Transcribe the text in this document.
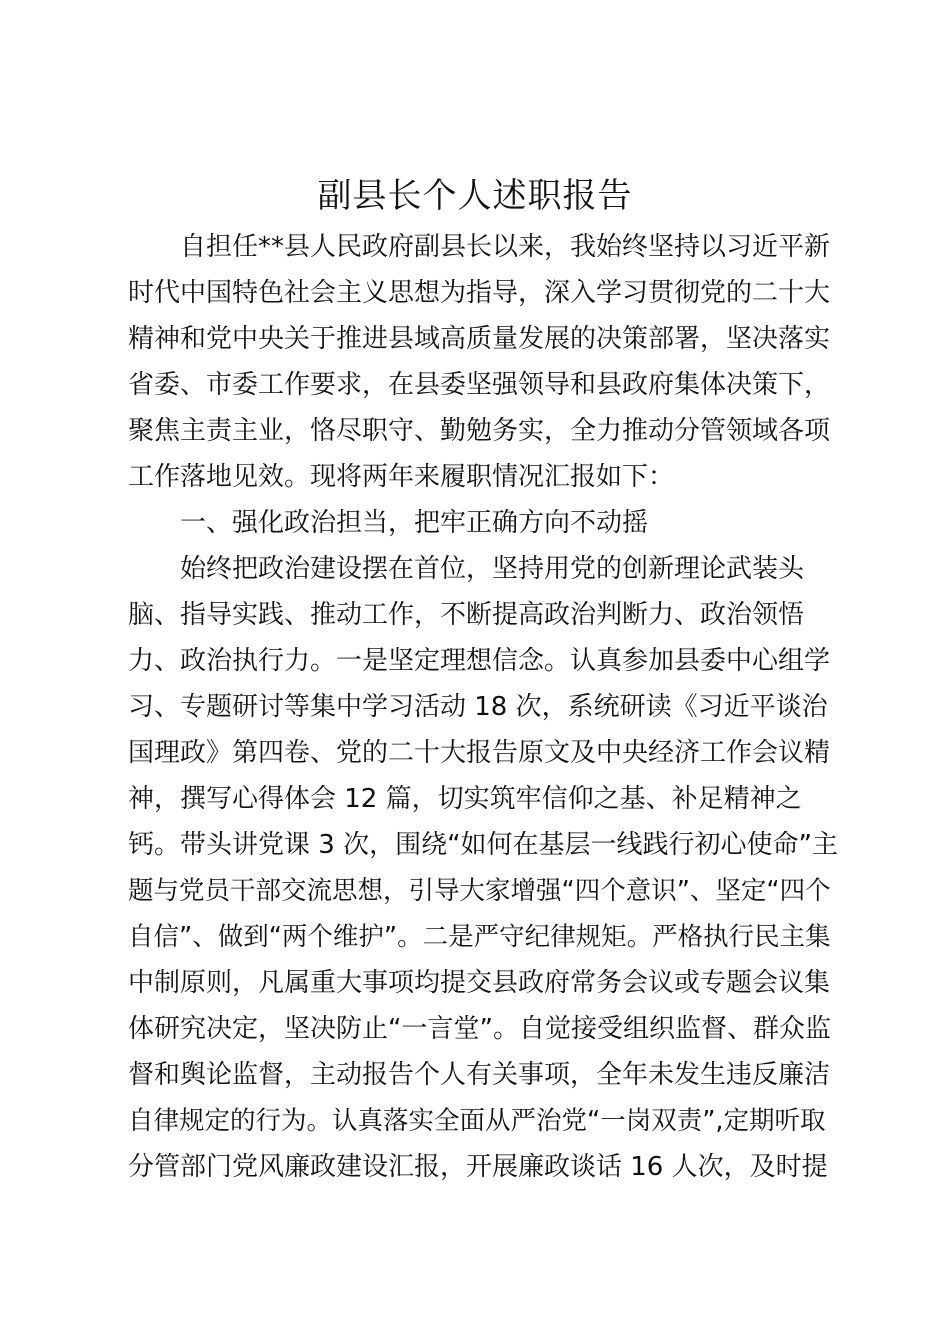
副县长个人述职报告
自担任**县人民政府副县长以来，我始终坚持以习近平新
时代中国特色社会主义思想为指导，深入学习贯彻党的二十大
精神和党中央关于推进县域高质量发展的决策部署，坚决落实
省委、市委工作要求，在县委坚强领导和县政府集体决策下，
聚焦主责主业，恪尽职守、勤勉务实，全力推动分管领域各项
工作落地见效。现将两年来履职情况汇报如下：
一、强化政治担当，把牢正确方向不动摇
始终把政治建设摆在首位，坚持用党的创新理论武装头
脑、指导实践、推动工作，不断提高政治判断力、政治领悟
力、政治执行力。一是坚定理想信念。认真参加县委中心组学
习、专题研讨等集中学习活动 18 次，系统研读《习近平谈治
国理政》第四卷、党的二十大报告原文及中央经济工作会议精
神，撰写心得体会 12 篇，切实筑牢信仰之基、补足精神之
钙。带头讲党课 3 次，围绕“如何在基层一线践行初心使命”主
题与党员干部交流思想，引导大家增强“四个意识”、坚定“四个
自信”、做到“两个维护”。二是严守纪律规矩。严格执行民主集
中制原则，凡属重大事项均提交县政府常务会议或专题会议集
体研究决定，坚决防止“一言堂”。自觉接受组织监督、群众监
督和舆论监督，主动报告个人有关事项，全年未发生违反廉洁
自律规定的行为。认真落实全面从严治党“一岗双责”,定期听取
分管部门党风廉政建设汇报，开展廉政谈话 16 人次，及时提
